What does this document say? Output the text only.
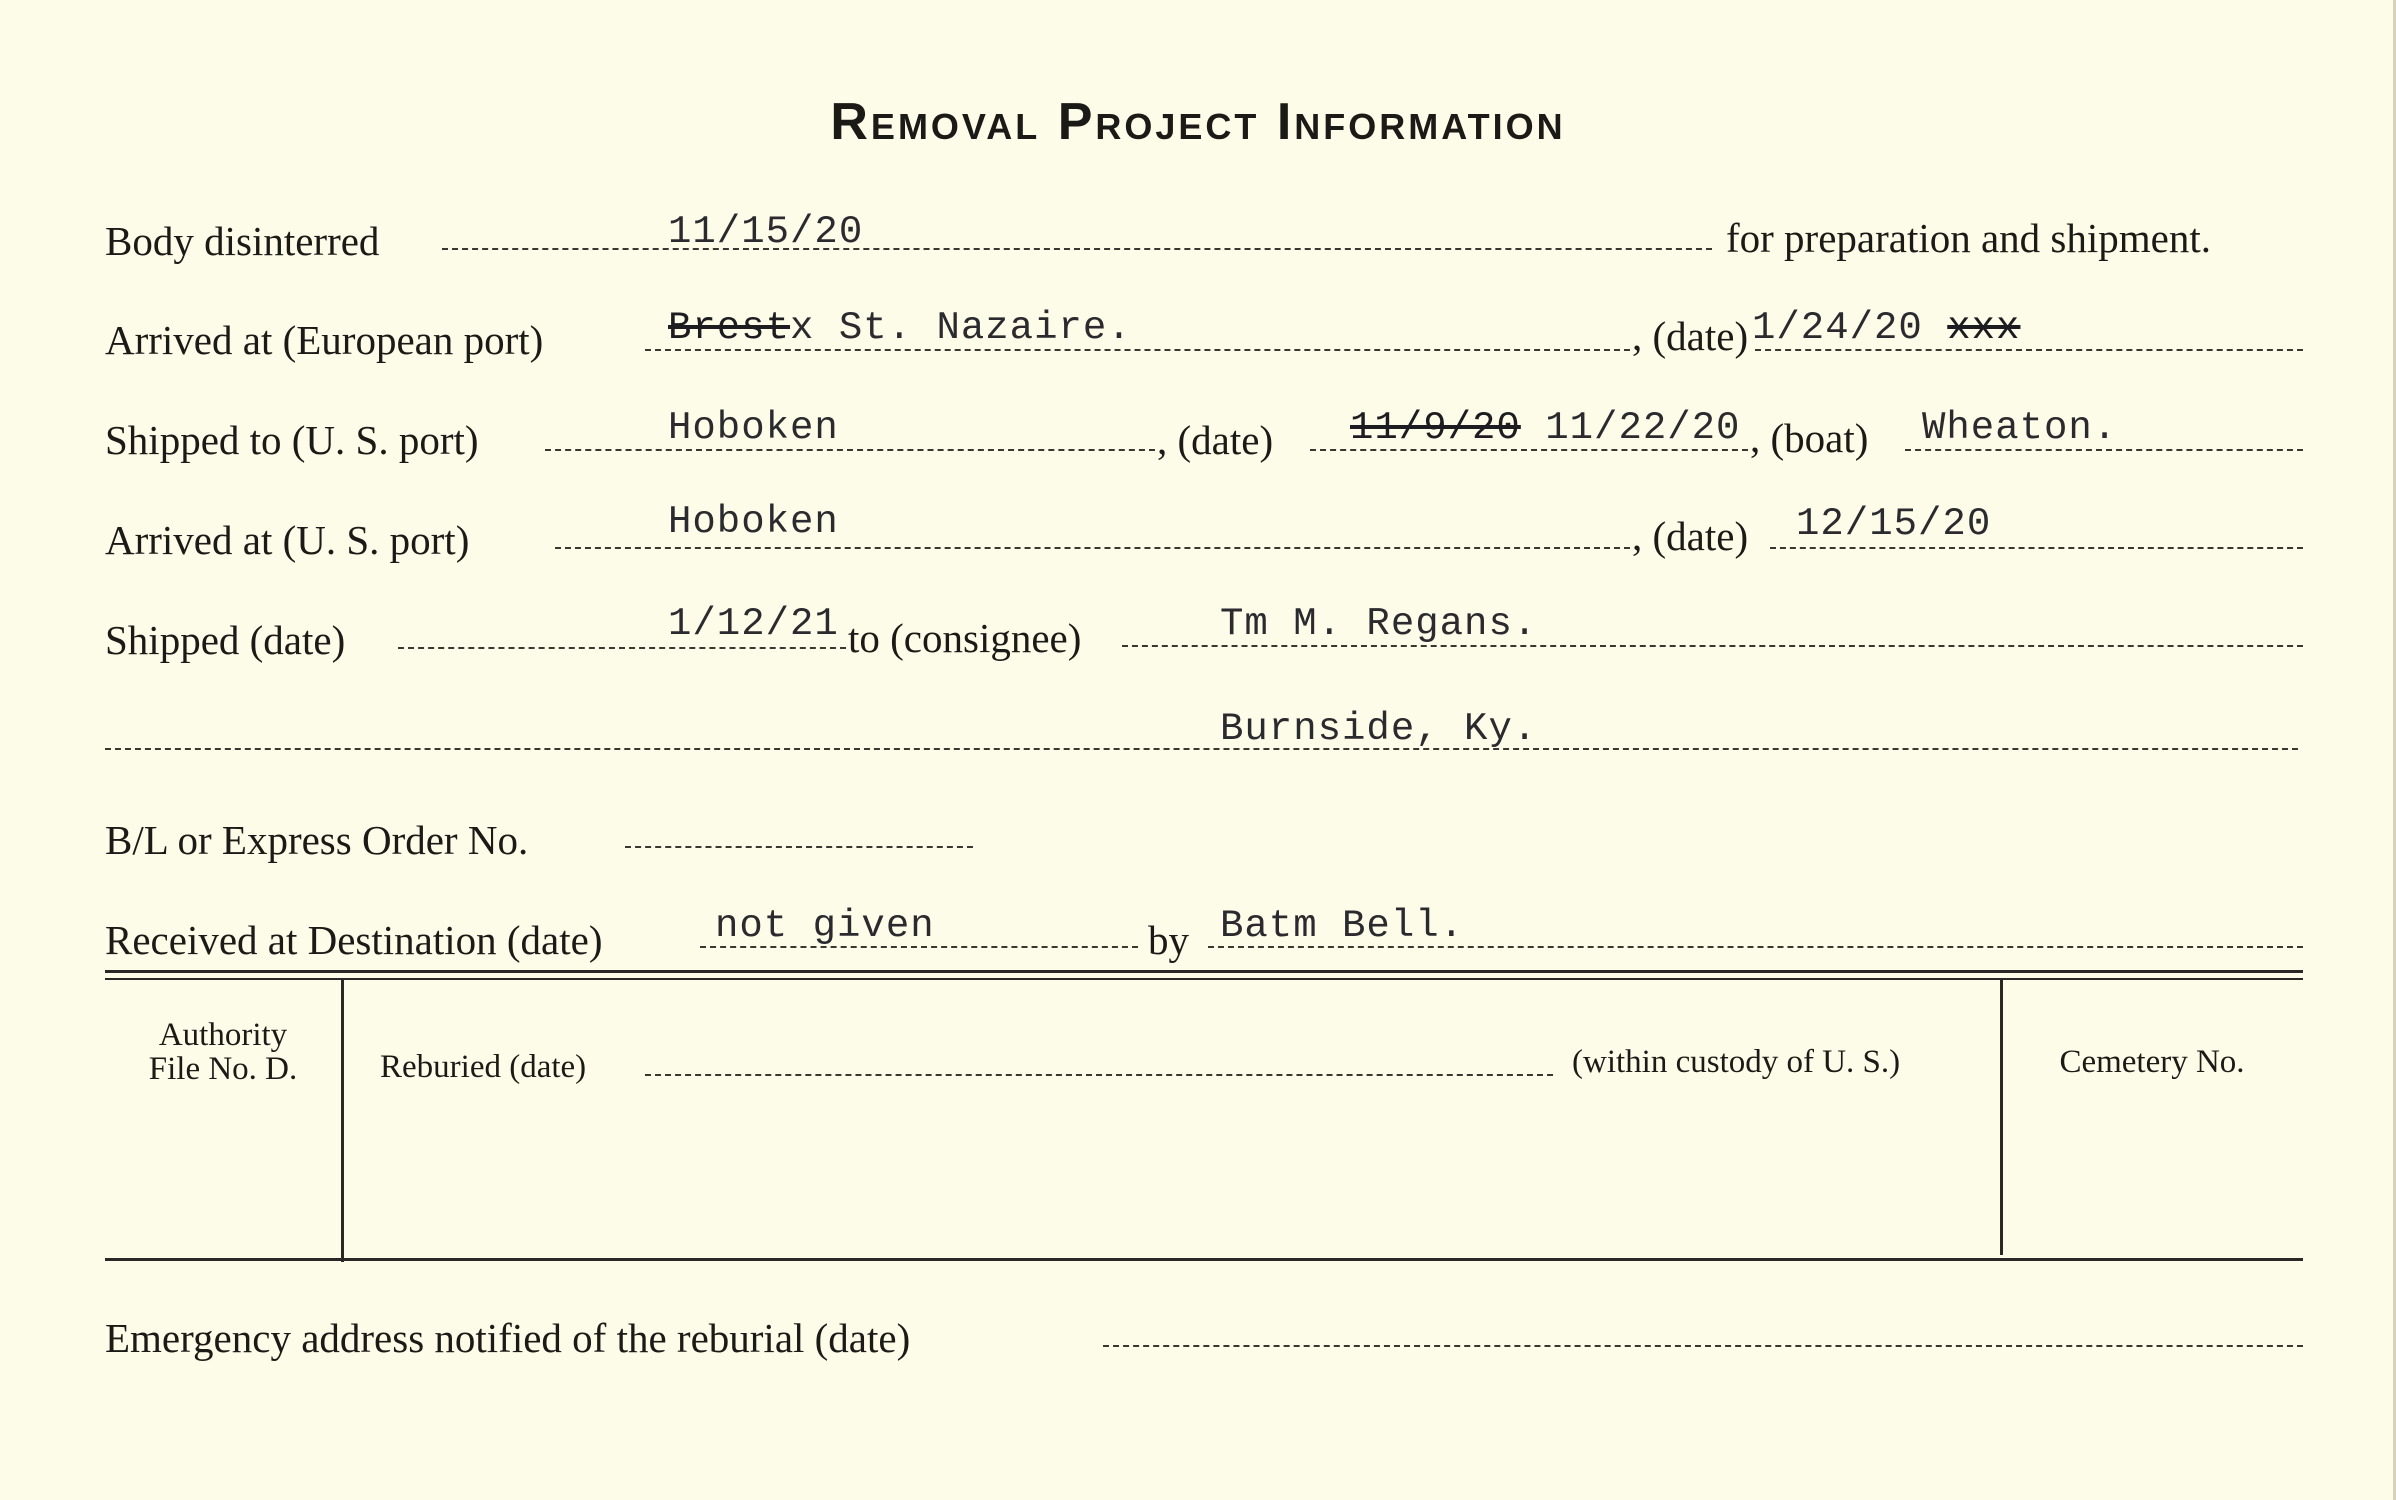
Removal Project Information
Body disinterred	11/15/20	for preparation and shipment.
Arrived at (European port)	Brestx St. Nazaire.	, (date) 1/24/20 xxx
Shipped to (U. S. port)	Hoboken	, (date) 11/9/20 11/22/20 , (boat) Wheaton.
Arrived at (U. S. port)	Hoboken	, (date) 12/15/20
Shipped (date)	1/12/21 to (consignee)	Tm M. Regans.
Burnside, Ky.
B/L or Express Order No.
Received at Destination (date)	not given	by Batm Bell.
Authority
File No. D.	Reburied (date)	(within custody of U. S.)	Cemetery No.
Emergency address notified of the reburial (date)
